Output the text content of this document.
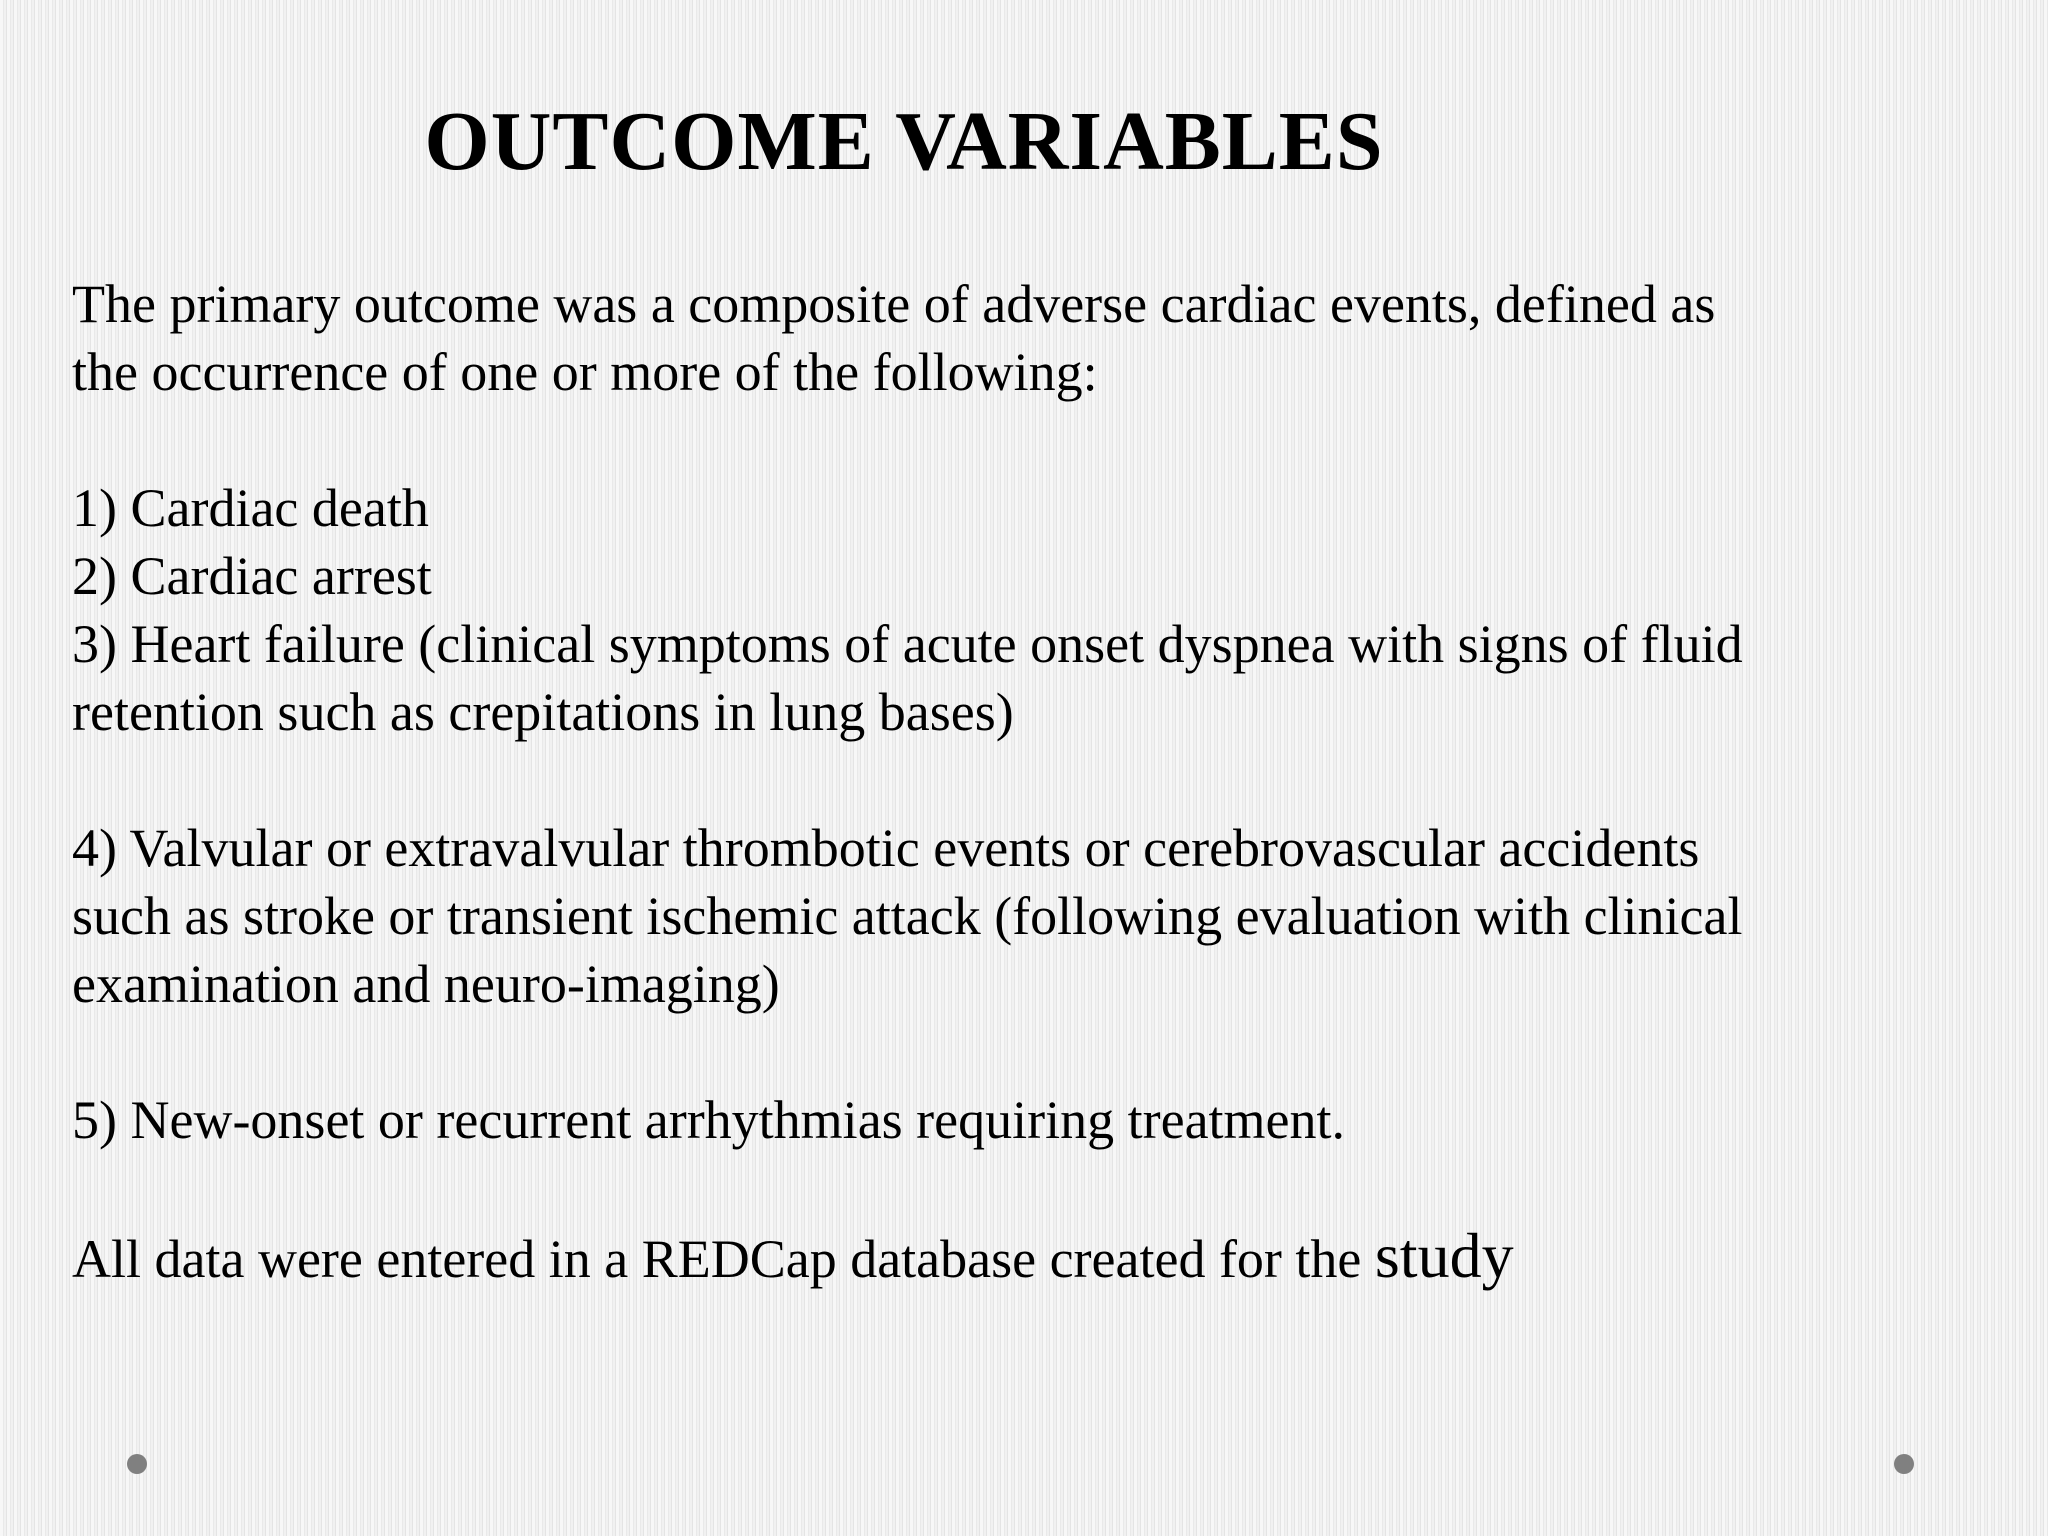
OUTCOME VARIABLES

The primary outcome was a composite of adverse cardiac events, defined as

the occurrence of one or more of the following:

1) Cardiac death

2) Cardiac arrest

3) Heart failure (clinical symptoms of acute onset dyspnea with signs of fluid

retention such as crepitations in lung bases)

4) Valvular or extravalvular thrombotic events or cerebrovascular accidents

such as stroke or transient ischemic attack (following evaluation with clinical

examination and neuro-imaging)

5) New-onset or recurrent arrhythmias requiring treatment.

All data were entered in a REDCap database created for the study
